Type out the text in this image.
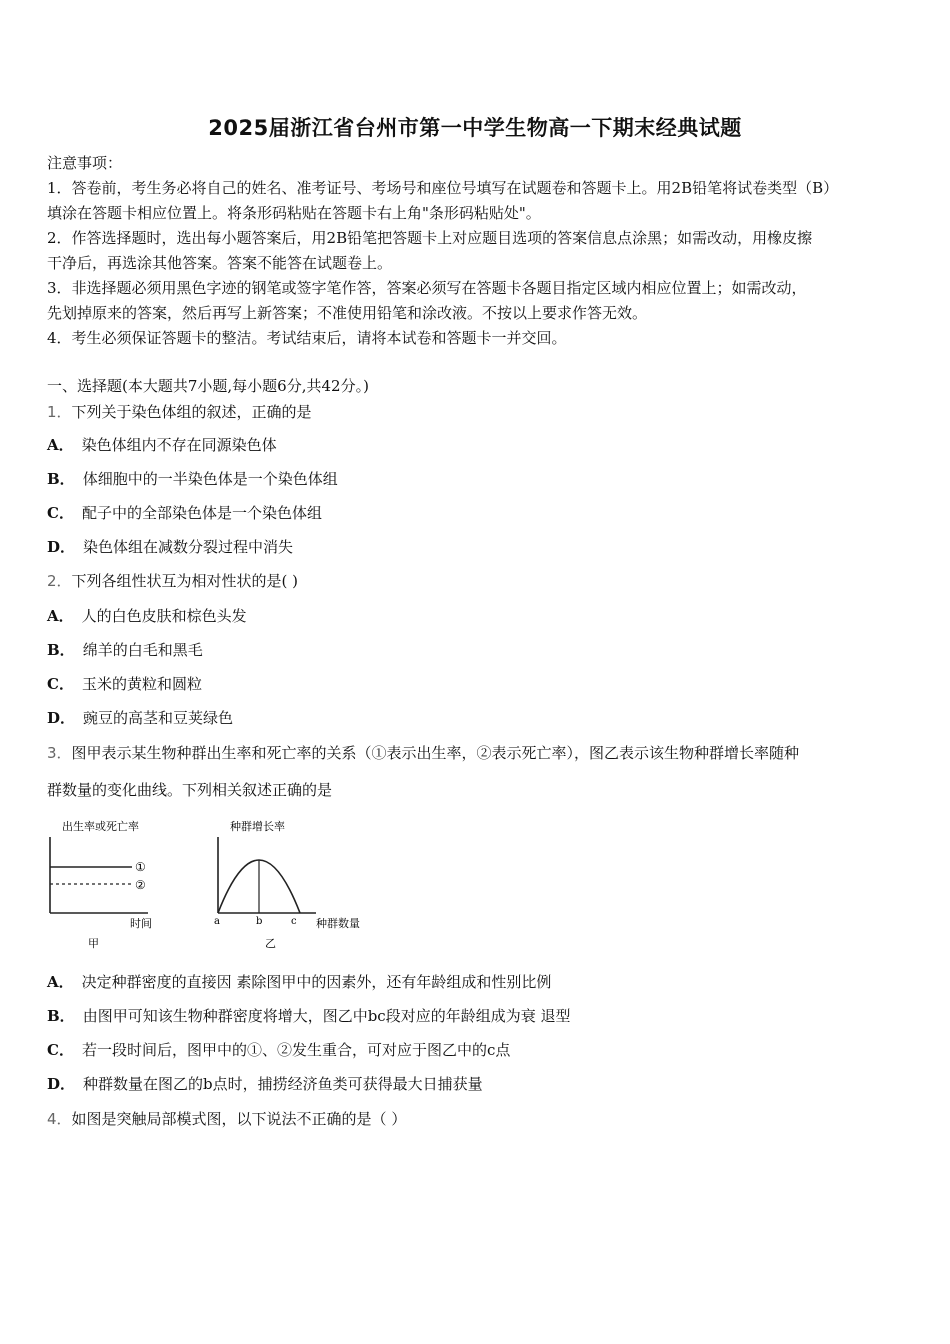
2025届浙江省台州市第一中学生物高一下期末经典试题
注意事项：
1．答卷前，考生务必将自己的姓名、准考证号、考场号和座位号填写在试题卷和答题卡上。用2B铅笔将试卷类型（B）
填涂在答题卡相应位置上。将条形码粘贴在答题卡右上角"条形码粘贴处"。
2．作答选择题时，选出每小题答案后，用2B铅笔把答题卡上对应题目选项的答案信息点涂黑；如需改动，用橡皮擦
干净后，再选涂其他答案。答案不能答在试题卷上。
3．非选择题必须用黑色字迹的钢笔或签字笔作答，答案必须写在答题卡各题目指定区域内相应位置上；如需改动，
先划掉原来的答案，然后再写上新答案；不准使用铅笔和涂改液。不按以上要求作答无效。
4．考生必须保证答题卡的整洁。考试结束后，请将本试卷和答题卡一并交回。
一、选择题(本大题共7小题,每小题6分,共42分。)
1．下列关于染色体组的叙述，正确的是
A． 染色体组内不存在同源染色体
B． 体细胞中的一半染色体是一个染色体组
C． 配子中的全部染色体是一个染色体组
D． 染色体组在减数分裂过程中消失
2．下列各组性状互为相对性状的是( )
A． 人的白色皮肤和棕色头发
B． 绵羊的白毛和黑毛
C． 玉米的黄粒和圆粒
D． 豌豆的高茎和豆荚绿色
3．图甲表示某生物种群出生率和死亡率的关系（①表示出生率，②表示死亡率），图乙表示该生物种群增长率随种
群数量的变化曲线。下列相关叙述正确的是
出生率或死亡率
①
②
时间
甲
种群增长率
a	b	c 种群数量
乙
A． 决定种群密度的直接因 素除图甲中的因素外，还有年龄组成和性别比例
B． 由图甲可知该生物种群密度将增大，图乙中bc段对应的年龄组成为衰 退型
C． 若一段时间后，图甲中的①、②发生重合，可对应于图乙中的c点
D． 种群数量在图乙的b点时，捕捞经济鱼类可获得最大日捕获量
4．如图是突触局部模式图，以下说法不正确的是（ ）
